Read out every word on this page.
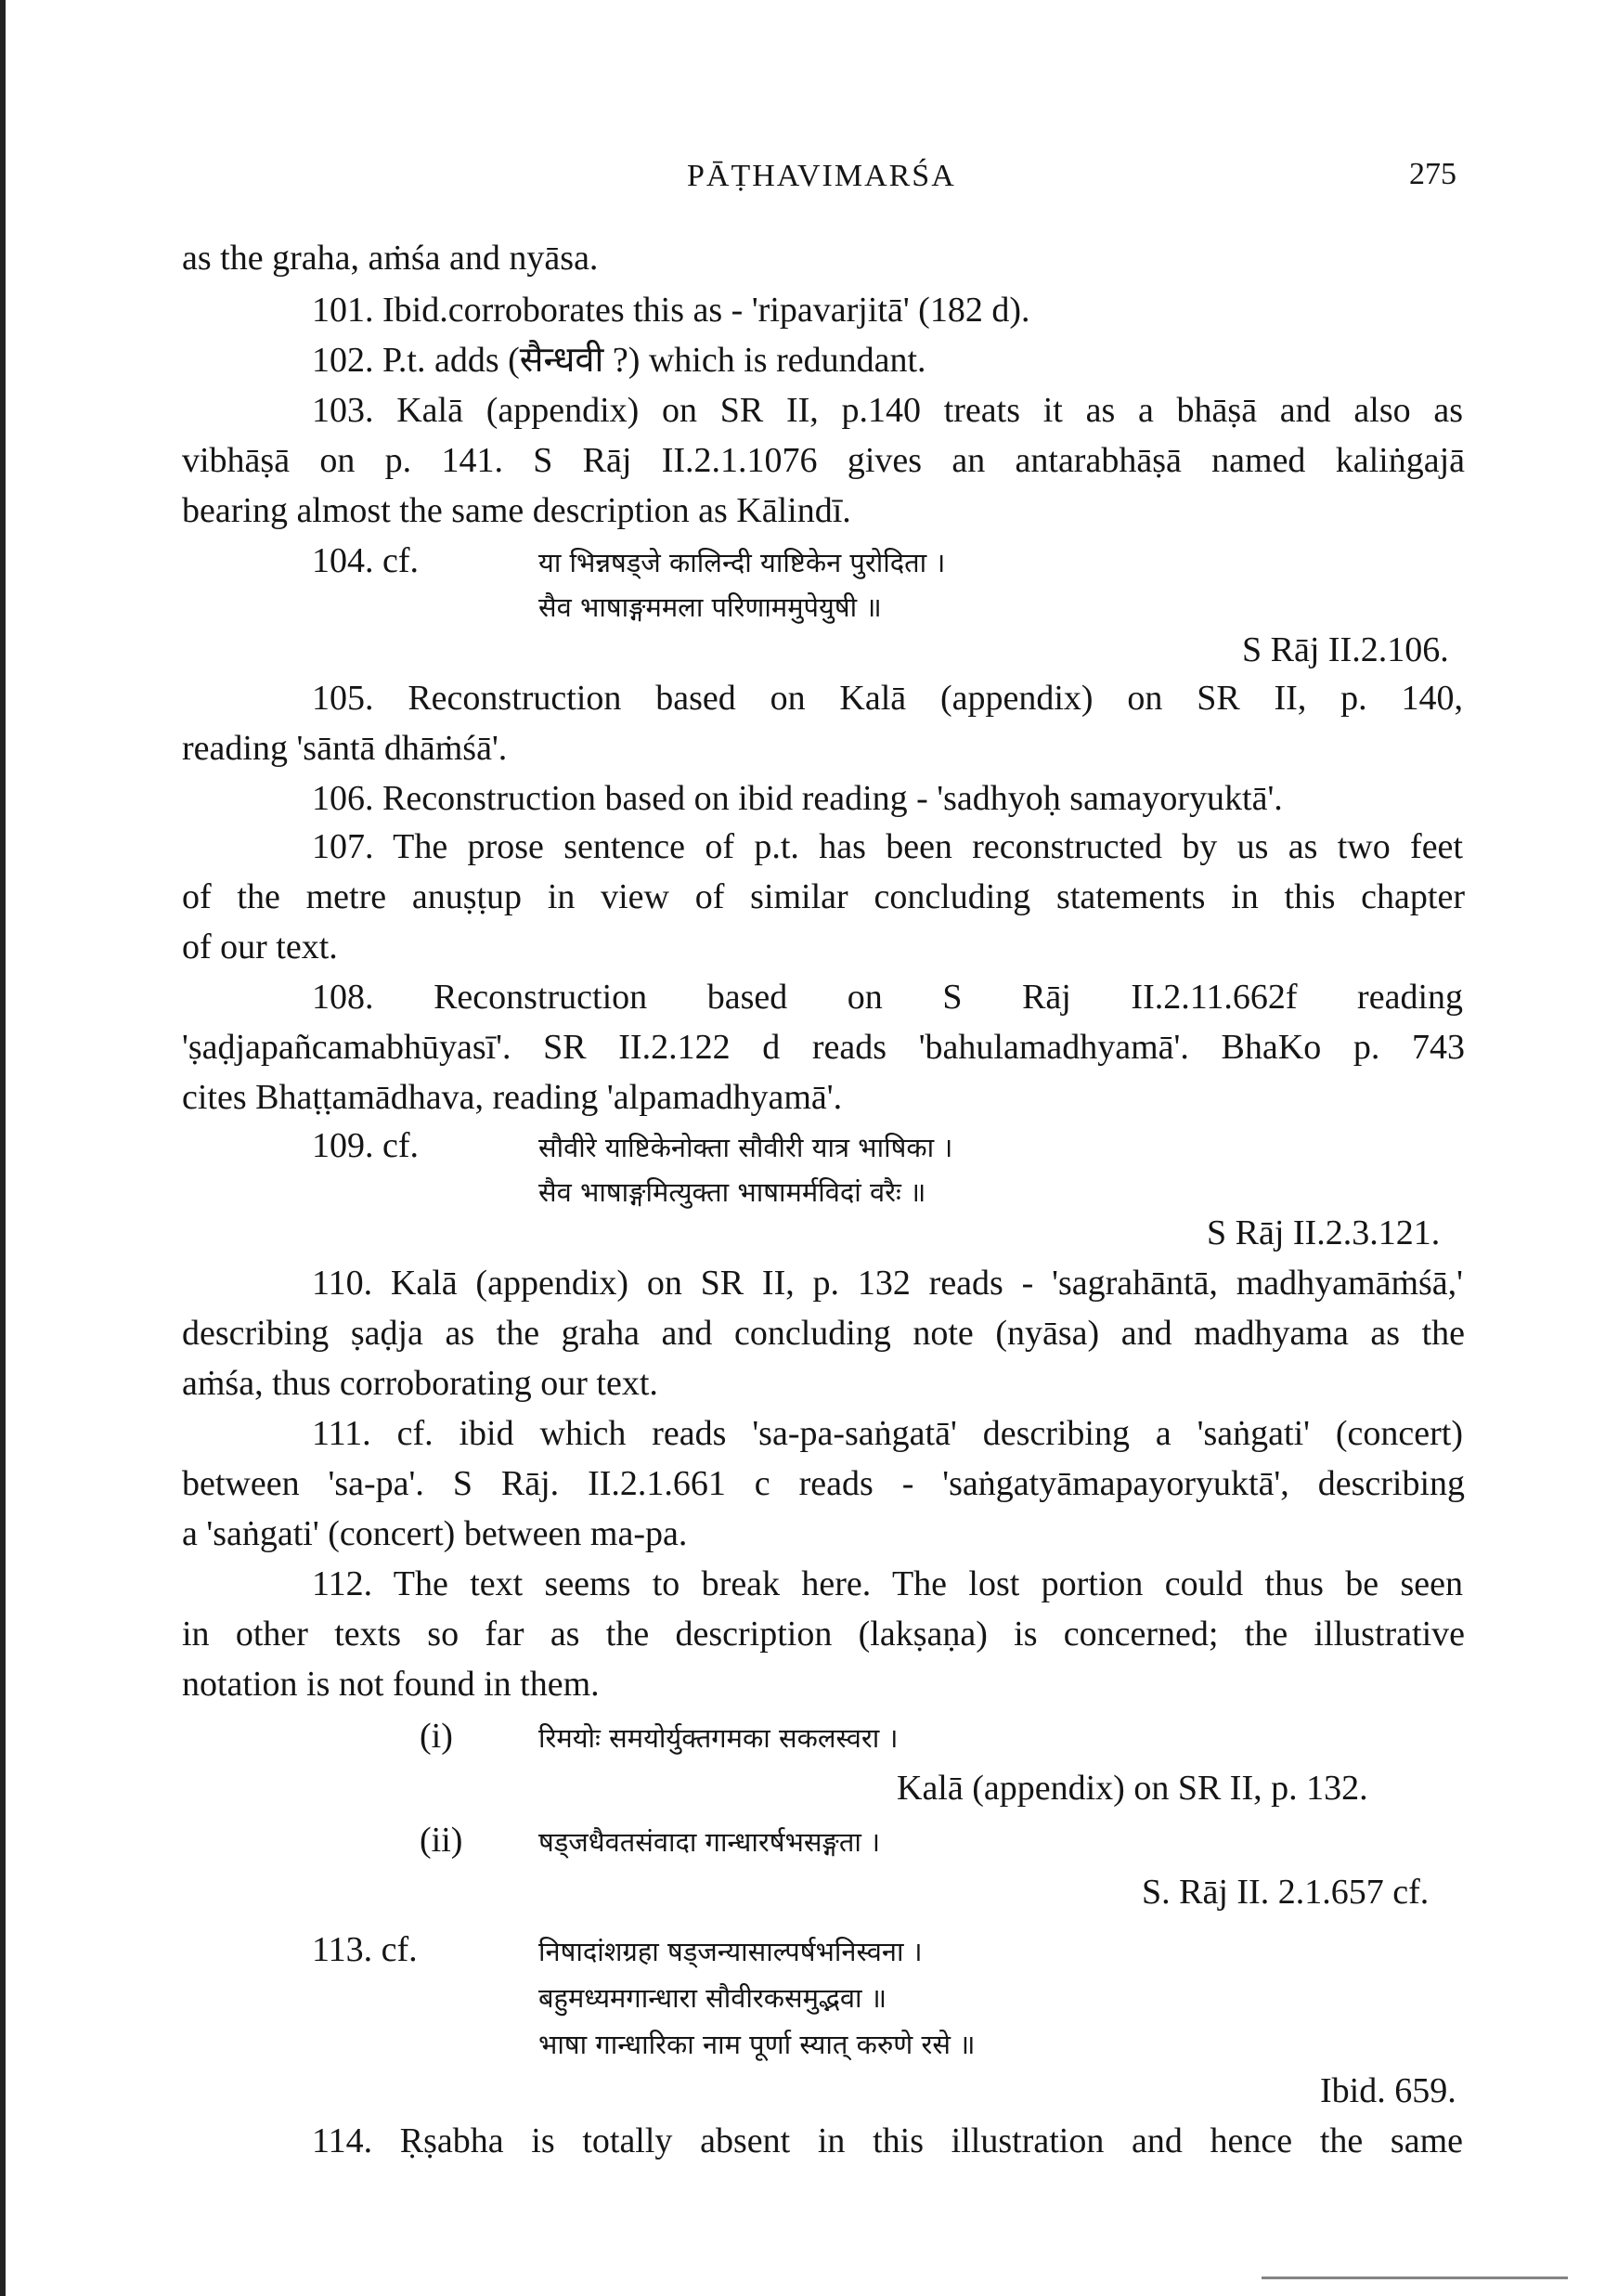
PĀṬHAVIMARŚA	275
as the graha, aṁśa and nyāsa.
101. Ibid.corroborates this as - 'ripavarjitā' (182 d).
102. P.t. adds (सैन्धवी ?) which is redundant.
103. Kalā (appendix) on SR II, p.140 treats it as a bhāṣā and also as
vibhāṣā on p. 141. S Rāj II.2.1.1076 gives an antarabhāṣā named kaliṅgajā
bearing almost the same description as Kālindī.
104. cf.	या भिन्नषड्जे कालिन्दी याष्टिकेन पुरोदिता ।
सैव भाषाङ्गममला परिणाममुपेयुषी ॥
S Rāj II.2.106.
105. Reconstruction based on Kalā (appendix) on SR II, p. 140,
reading 'sāntā dhāṁśā'.
106. Reconstruction based on ibid reading - 'sadhyoḥ samayoryuktā'.
107. The prose sentence of p.t. has been reconstructed by us as two feet
of the metre anuṣṭup in view of similar concluding statements in this chapter
of our text.
108. Reconstruction based on S Rāj II.2.11.662f reading
'ṣaḍjapañcamabhūyasī'. SR II.2.122 d reads 'bahulamadhyamā'. BhaKo p. 743
cites Bhaṭṭamādhava, reading 'alpamadhyamā'.
109. cf.	सौवीरे याष्टिकेनोक्ता सौवीरी यात्र भाषिका ।
सैव भाषाङ्गमित्युक्ता भाषामर्मविदां वरैः ॥
S Rāj II.2.3.121.
110. Kalā (appendix) on SR II, p. 132 reads - 'sagrahāntā, madhyamāṁśā,'
describing ṣaḍja as the graha and concluding note (nyāsa) and madhyama as the
aṁśa, thus corroborating our text.
111. cf. ibid which reads 'sa-pa-saṅgatā' describing a 'saṅgati' (concert)
between 'sa-pa'. S Rāj. II.2.1.661 c reads - 'saṅgatyāmapayoryuktā', describing
a 'saṅgati' (concert) between ma-pa.
112. The text seems to break here. The lost portion could thus be seen
in other texts so far as the description (lakṣaṇa) is concerned; the illustrative
notation is not found in them.
(i)	रिमयोः समयोर्युक्तगमका सकलस्वरा ।
Kalā (appendix) on SR II, p. 132.
(ii)	षड्जधैवतसंवादा गान्धारर्षभसङ्गता ।
S. Rāj II. 2.1.657 cf.
113. cf.	निषादांशग्रहा षड्जन्यासाल्पर्षभनिस्वना ।
बहुमध्यमगान्धारा सौवीरकसमुद्भवा ॥
भाषा गान्धारिका नाम पूर्णा स्यात् करुणे रसे ॥
Ibid. 659.
114. Ṛṣabha is totally absent in this illustration and hence the same
